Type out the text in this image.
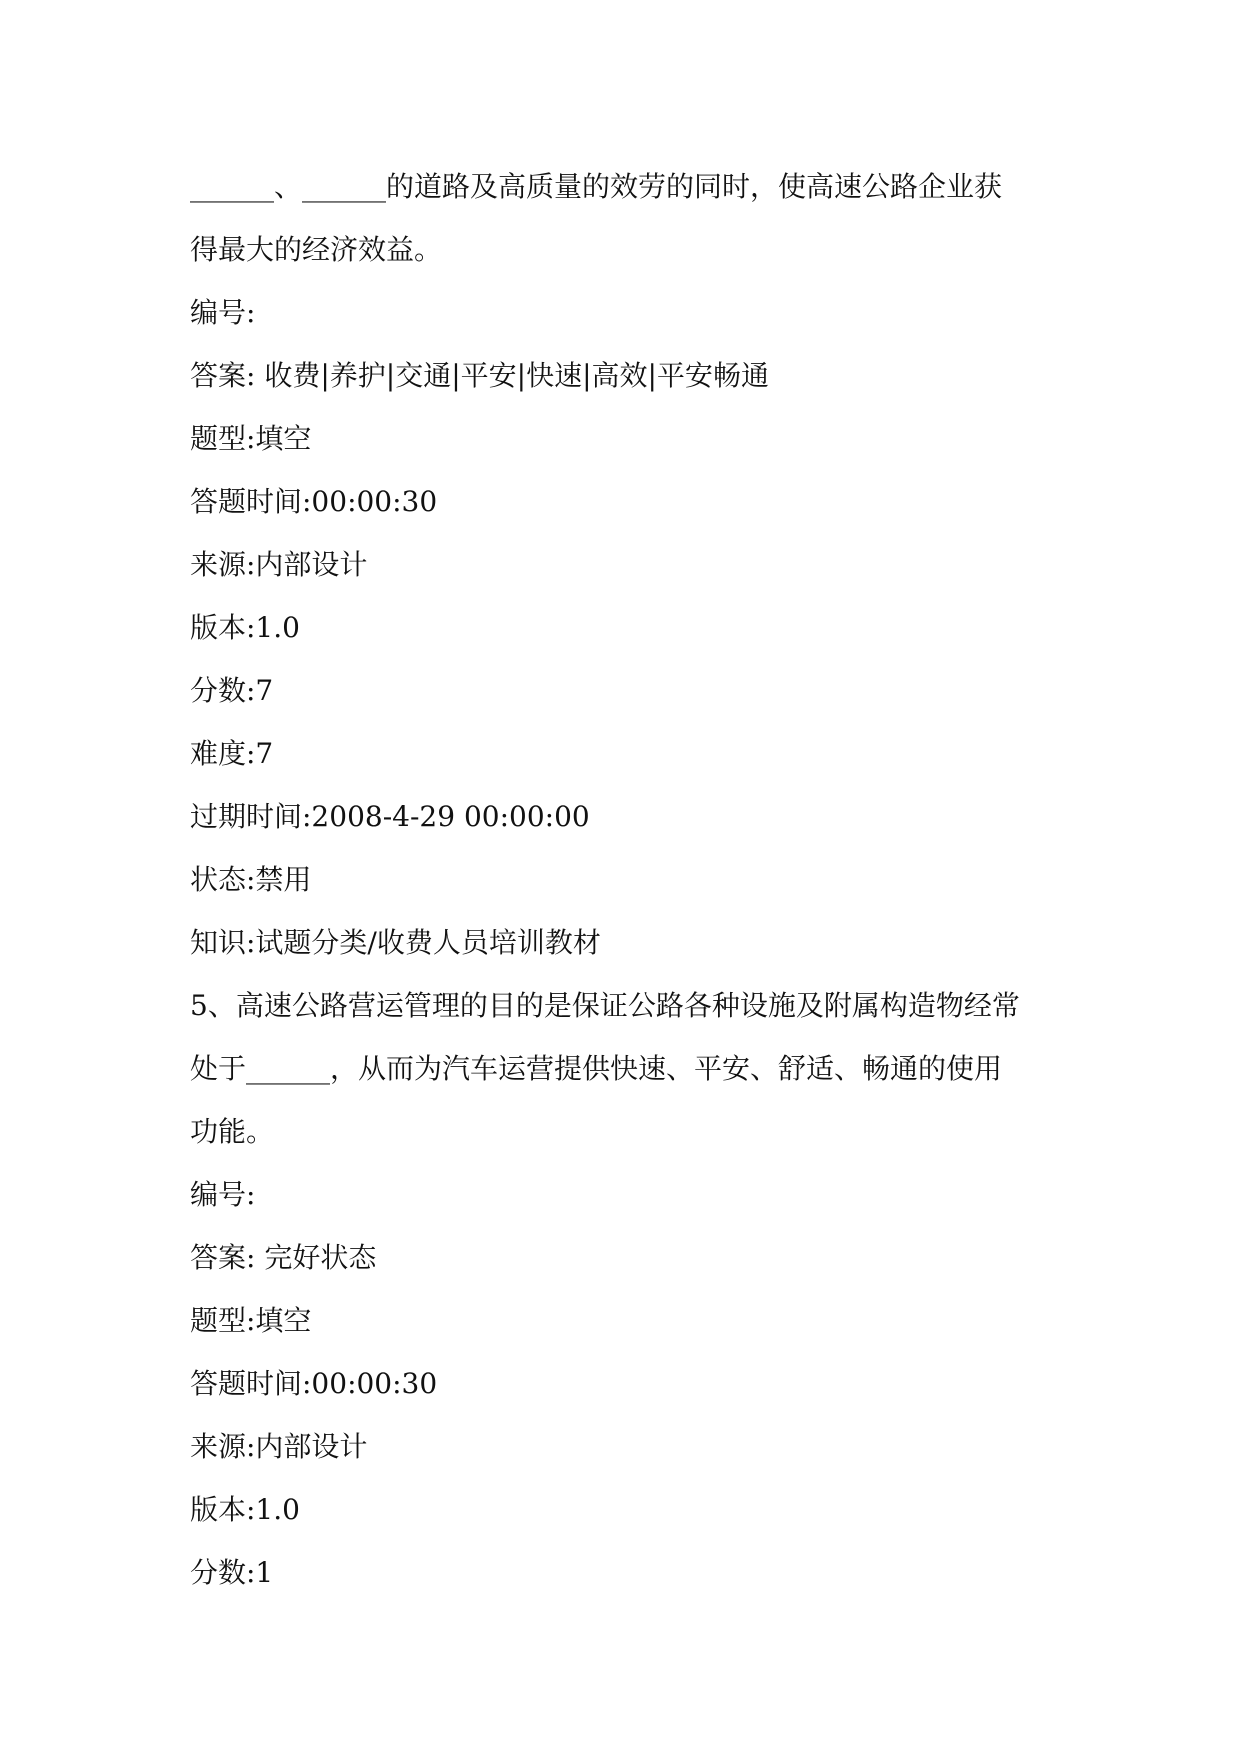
______、______的道路及高质量的效劳的同时，使高速公路企业获
得最大的经济效益。
编号:
答案: 收费|养护|交通|平安|快速|高效|平安畅通
题型:填空
答题时间:00:00:30
来源:内部设计
版本:1.0
分数:7
难度:7
过期时间:2008-4-29 00:00:00
状态:禁用
知识:试题分类/收费人员培训教材
5、高速公路营运管理的目的是保证公路各种设施及附属构造物经常
处于______，从而为汽车运营提供快速、平安、舒适、畅通的使用
功能。
编号:
答案: 完好状态
题型:填空
答题时间:00:00:30
来源:内部设计
版本:1.0
分数:1
